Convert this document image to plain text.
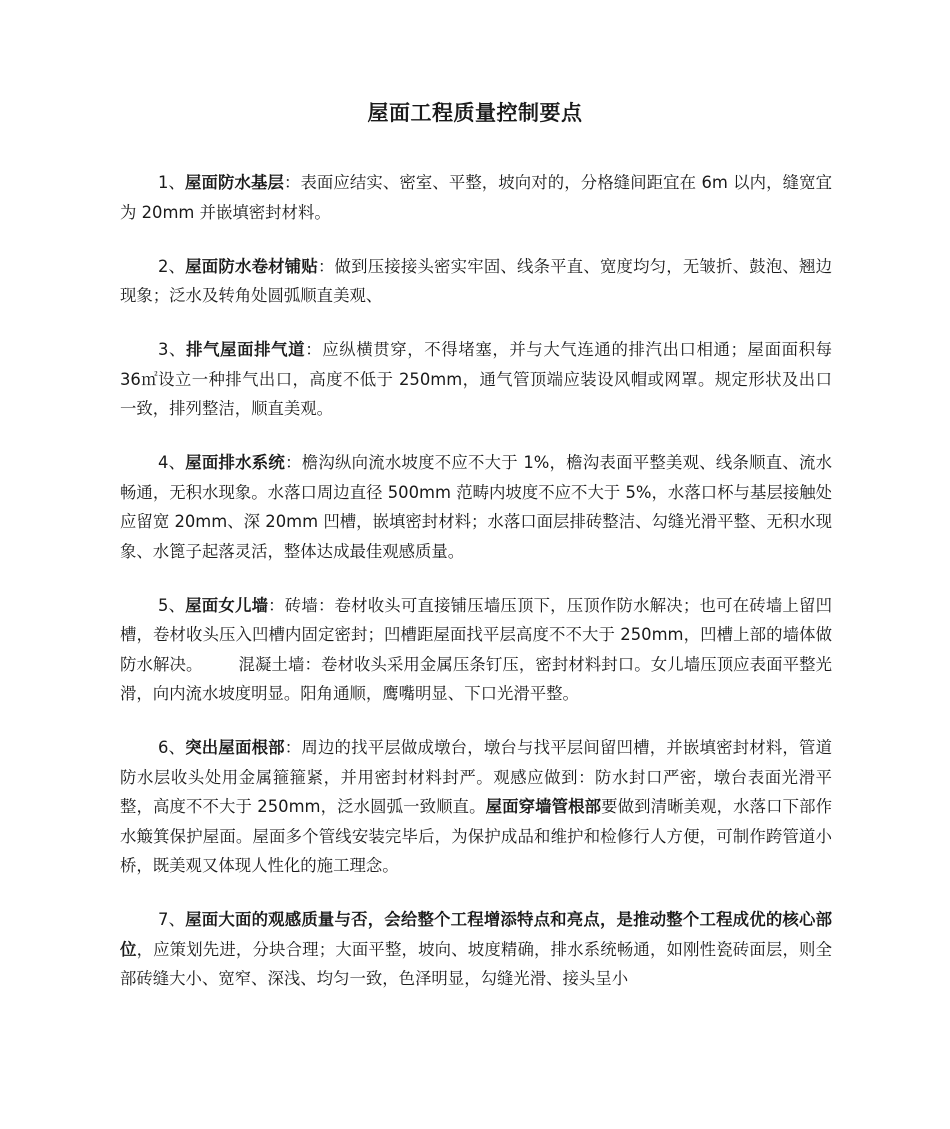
屋面工程质量控制要点

1、屋面防水基层：表面应结实、密室、平整，坡向对的，分格缝间距宜在 6m 以内，缝宽宜为 20mm 并嵌填密封材料。

2、屋面防水卷材铺贴：做到压接接头密实牢固、线条平直、宽度均匀，无皱折、鼓泡、翘边现象；泛水及转角处圆弧顺直美观、

3、排气屋面排气道：应纵横贯穿，不得堵塞，并与大气连通的排汽出口相通；屋面面积每 36㎡设立一种排气出口，高度不低于 250mm，通气管顶端应装设风帽或网罩。规定形状及出口一致，排列整洁，顺直美观。

4、屋面排水系统：檐沟纵向流水坡度不应不大于 1%，檐沟表面平整美观、线条顺直、流水畅通，无积水现象。水落口周边直径 500mm 范畴内坡度不应不大于 5%，水落口杯与基层接触处应留宽 20mm、深 20mm 凹槽，嵌填密封材料；水落口面层排砖整洁、勾缝光滑平整、无积水现象、水篦子起落灵活，整体达成最佳观感质量。

5、屋面女儿墙：砖墙：卷材收头可直接铺压墙压顶下，压顶作防水解决；也可在砖墙上留凹槽，卷材收头压入凹槽内固定密封；凹槽距屋面找平层高度不不大于 250mm，凹槽上部的墙体做防水解决。 混凝土墙：卷材收头采用金属压条钉压，密封材料封口。女儿墙压顶应表面平整光滑，向内流水坡度明显。阳角通顺，鹰嘴明显、下口光滑平整。

6、突出屋面根部：周边的找平层做成墩台，墩台与找平层间留凹槽，并嵌填密封材料，管道防水层收头处用金属箍箍紧，并用密封材料封严。观感应做到：防水封口严密，墩台表面光滑平整，高度不不大于 250mm，泛水圆弧一致顺直。屋面穿墙管根部要做到清晰美观，水落口下部作水簸箕保护屋面。屋面多个管线安装完毕后，为保护成品和维护和检修行人方便，可制作跨管道小桥，既美观又体现人性化的施工理念。

7、屋面大面的观感质量与否，会给整个工程增添特点和亮点，是推动整个工程成优的核心部位，应策划先进，分块合理；大面平整，坡向、坡度精确，排水系统畅通，如刚性瓷砖面层，则全部砖缝大小、宽窄、深浅、均匀一致，色泽明显，勾缝光滑、接头呈小
